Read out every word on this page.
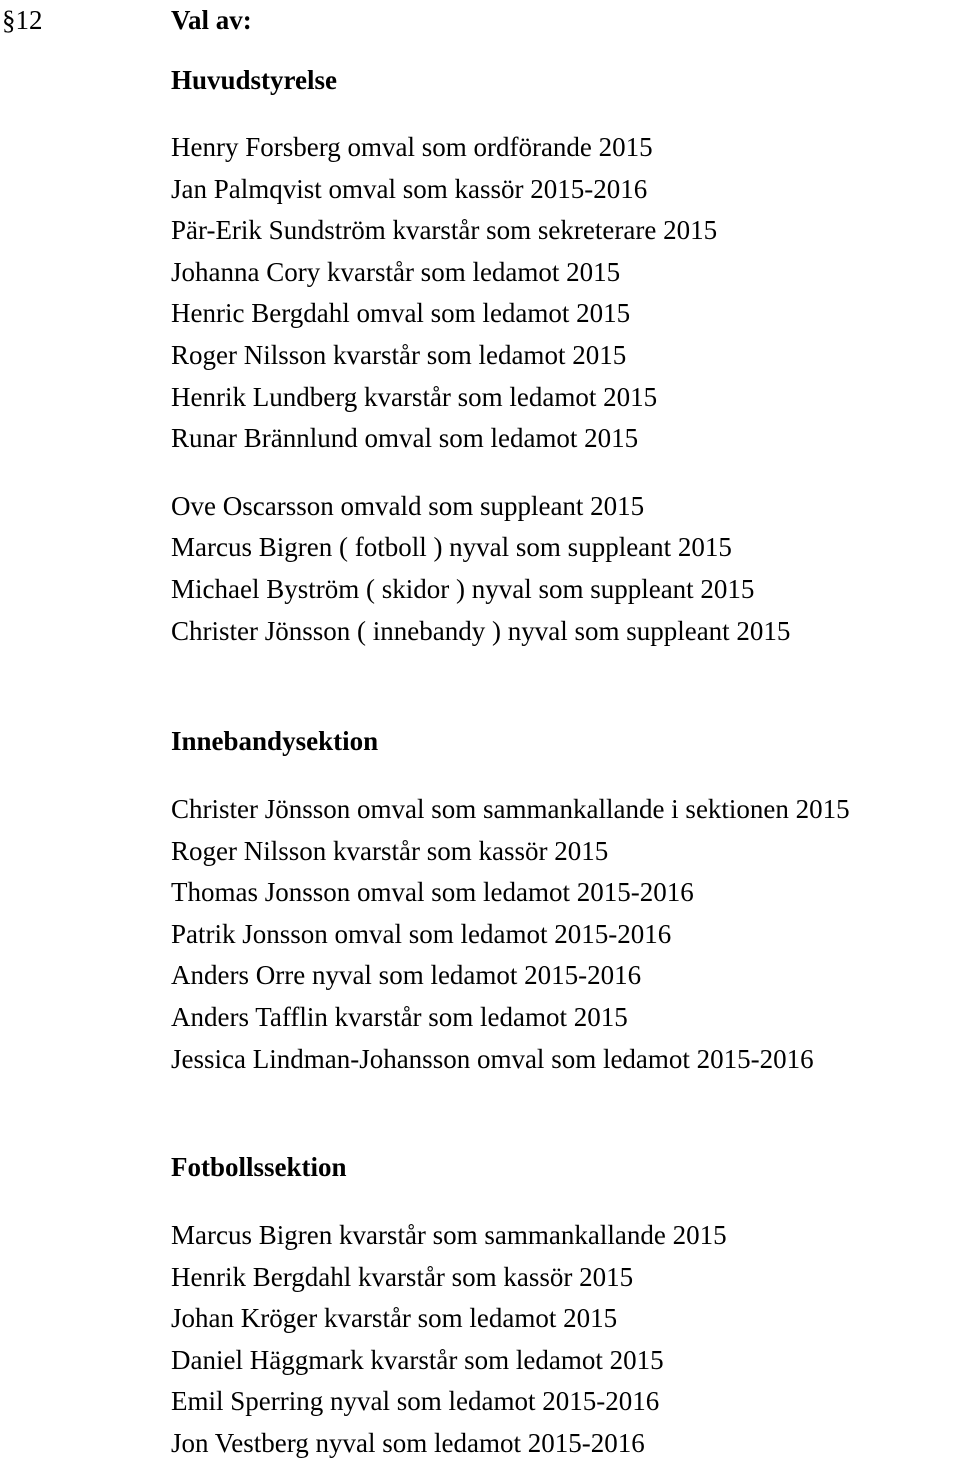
§12	Val av:

Huvudstyrelse

Henry Forsberg omval som ordförande 2015

Jan Palmqvist omval som kassör 2015-2016

Pär-Erik Sundström kvarstår som sekreterare 2015

Johanna Cory kvarstår som ledamot 2015

Henric Bergdahl omval som ledamot 2015

Roger Nilsson kvarstår som ledamot 2015

Henrik Lundberg kvarstår som ledamot 2015

Runar Brännlund omval som ledamot 2015

Ove Oscarsson omvald som suppleant 2015

Marcus Bigren ( fotboll ) nyval som suppleant 2015

Michael Byström ( skidor ) nyval som suppleant 2015

Christer Jönsson ( innebandy ) nyval som suppleant 2015

Innebandysektion

Christer Jönsson omval som sammankallande i sektionen 2015

Roger Nilsson kvarstår som kassör 2015

Thomas Jonsson omval som ledamot 2015-2016

Patrik Jonsson omval som ledamot 2015-2016

Anders Orre nyval som ledamot 2015-2016

Anders Tafflin kvarstår som ledamot 2015

Jessica Lindman-Johansson omval som ledamot 2015-2016

Fotbollssektion

Marcus Bigren kvarstår som sammankallande 2015

Henrik Bergdahl kvarstår som kassör 2015

Johan Kröger kvarstår som ledamot 2015

Daniel Häggmark kvarstår som ledamot 2015

Emil Sperring nyval som ledamot 2015-2016

Jon Vestberg nyval som ledamot 2015-2016
